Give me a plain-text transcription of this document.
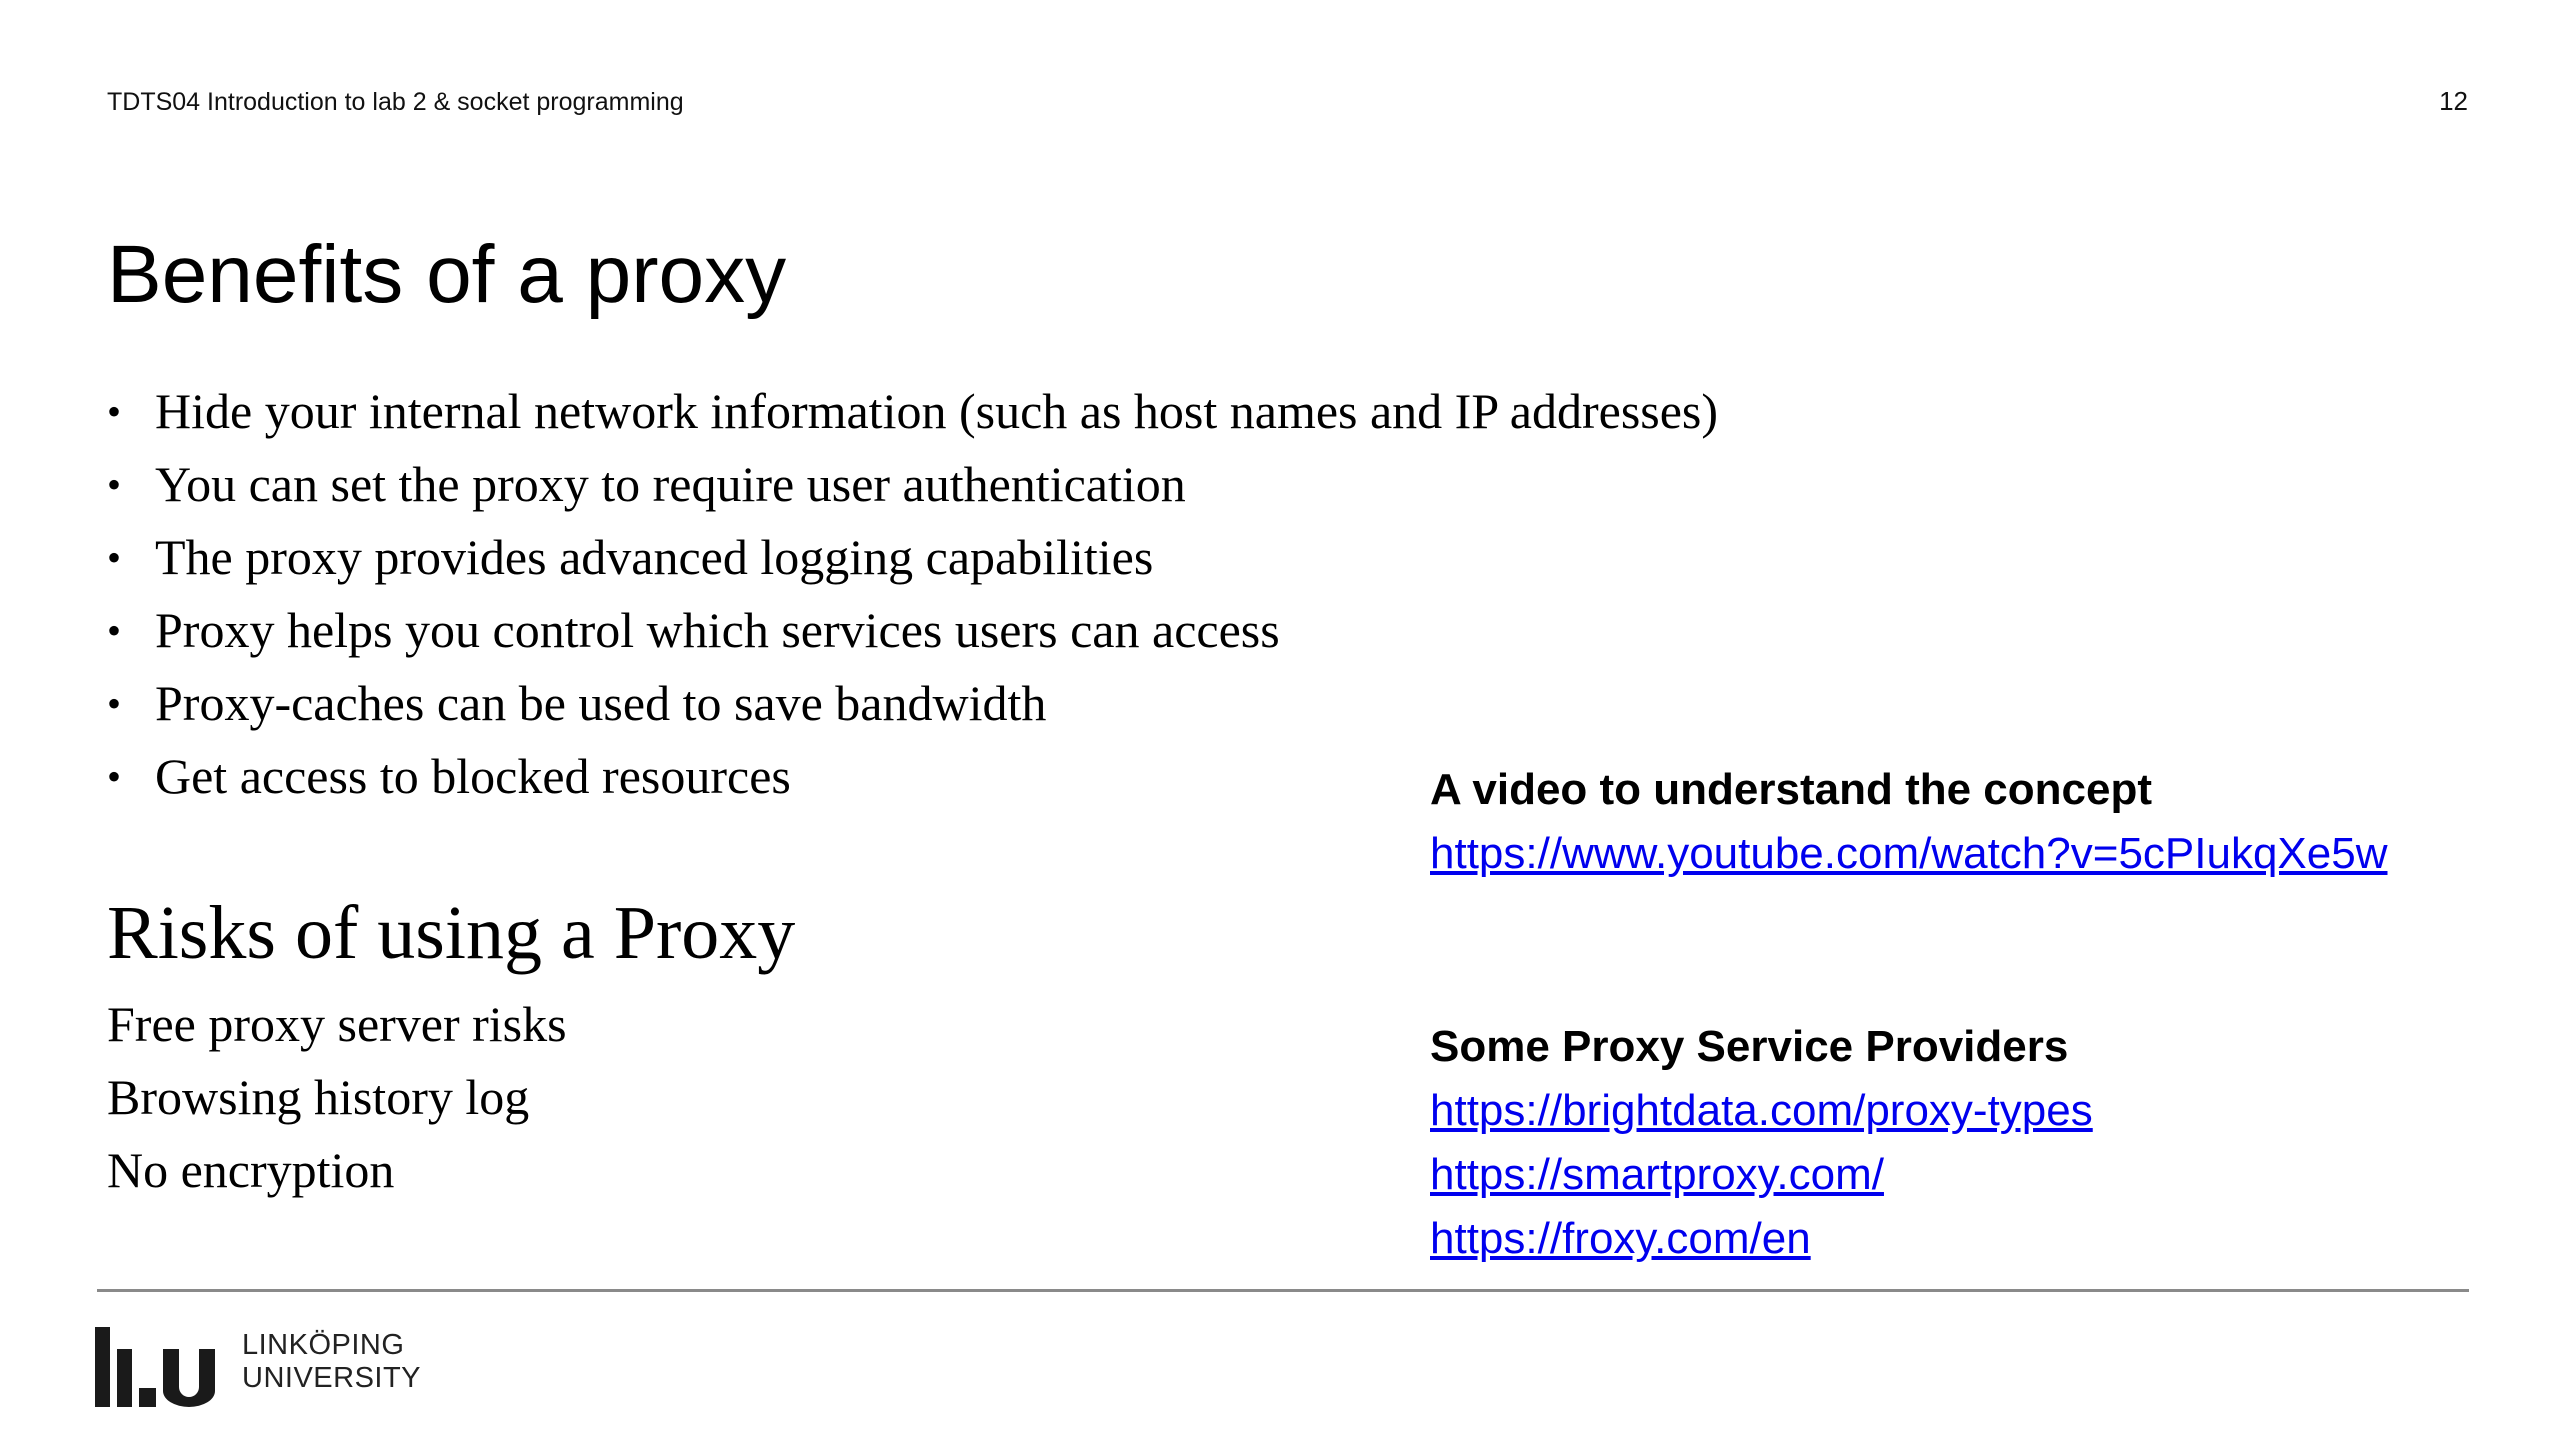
TDTS04 Introduction to lab 2 & socket programming	12
Benefits of a proxy
• Hide your internal network information (such as host names and IP addresses)
• You can set the proxy to require user authentication
• The proxy provides advanced logging capabilities
• Proxy helps you control which services users can access
• Proxy-caches can be used to save bandwidth
• Get access to blocked resources
Risks of using a Proxy
Free proxy server risks
Browsing history log
No encryption
A video to understand the concept
https://www.youtube.com/watch?v=5cPIukqXe5w
Some Proxy Service Providers
https://brightdata.com/proxy-types
https://smartproxy.com/
https://froxy.com/en
LINKÖPING
UNIVERSITY
